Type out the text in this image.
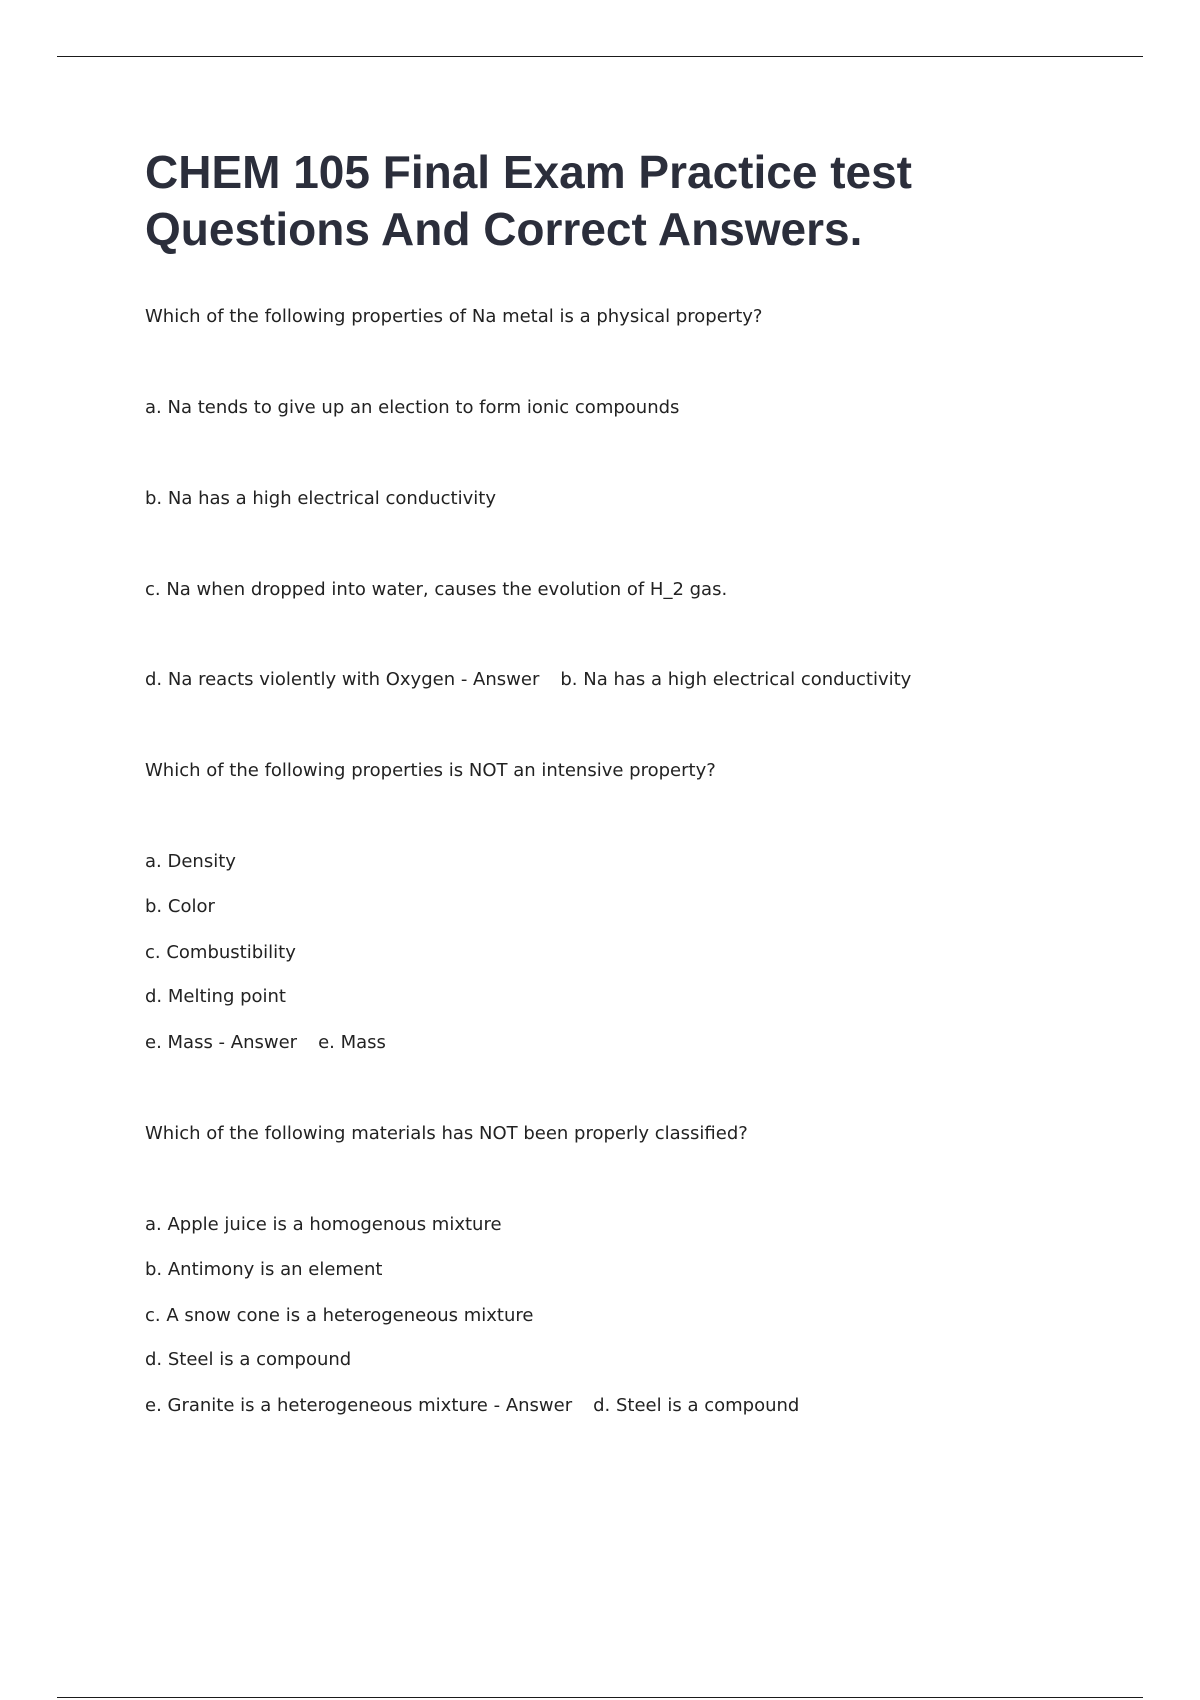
CHEM 105 Final Exam Practice test
Questions And Correct Answers.

Which of the following properties of Na metal is a physical property?

a. Na tends to give up an election to form ionic compounds

b. Na has a high electrical conductivity

c. Na when dropped into water, causes the evolution of H_2 gas.

d. Na reacts violently with Oxygen - Answer b. Na has a high electrical conductivity

Which of the following properties is NOT an intensive property?

a. Density

b. Color

c. Combustibility

d. Melting point

e. Mass - Answer e. Mass

Which of the following materials has NOT been properly classified?

a. Apple juice is a homogenous mixture

b. Antimony is an element

c. A snow cone is a heterogeneous mixture

d. Steel is a compound

e. Granite is a heterogeneous mixture - Answer d. Steel is a compound
